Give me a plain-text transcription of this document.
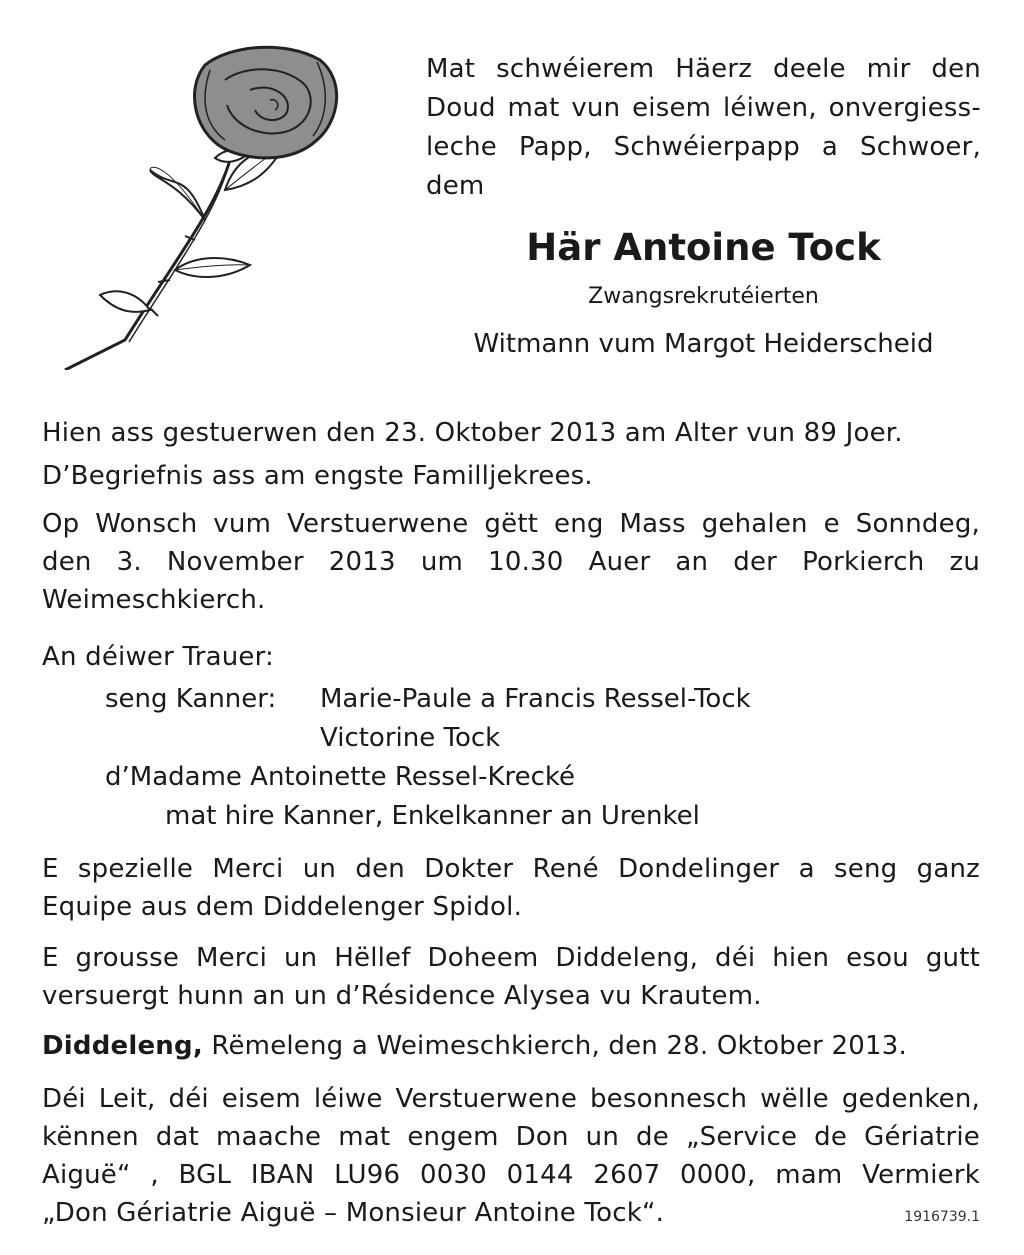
Mat schwéierem Häerz deele mir den
Doud mat vun eisem léiwen, onvergiess-
leche Papp, Schwéierpapp a Schwoer,
dem
Här Antoine Tock
Zwangsrekrutéierten
Witmann vum Margot Heiderscheid
Hien ass gestuerwen den 23. Oktober 2013 am Alter vun 89 Joer.
D’Begriefnis ass am engste Familljekrees.
Op Wonsch vum Verstuerwene gëtt eng Mass gehalen e Sonndeg,
den 3. November 2013 um 10.30 Auer an der Porkierch zu
Weimeschkierch.
An déiwer Trauer:
seng Kanner: Marie-Paule a Francis Ressel-Tock
Victorine Tock
d’Madame Antoinette Ressel-Krecké
mat hire Kanner, Enkelkanner an Urenkel
E spezielle Merci un den Dokter René Dondelinger a seng ganz
Equipe aus dem Diddelenger Spidol.
E grousse Merci un Hëllef Doheem Diddeleng, déi hien esou gutt
versuergt hunn an un d’Résidence Alysea vu Krautem.
Diddeleng, Rëmeleng a Weimeschkierch, den 28. Oktober 2013.
Déi Leit, déi eisem léiwe Verstuerwene besonnesch wëlle gedenken,
kënnen dat maache mat engem Don un de „Service de Gériatrie
Aiguë“ , BGL IBAN LU96 0030 0144 2607 0000, mam Vermierk
„Don Gériatrie Aiguë – Monsieur Antoine Tock“.	1916739.1
